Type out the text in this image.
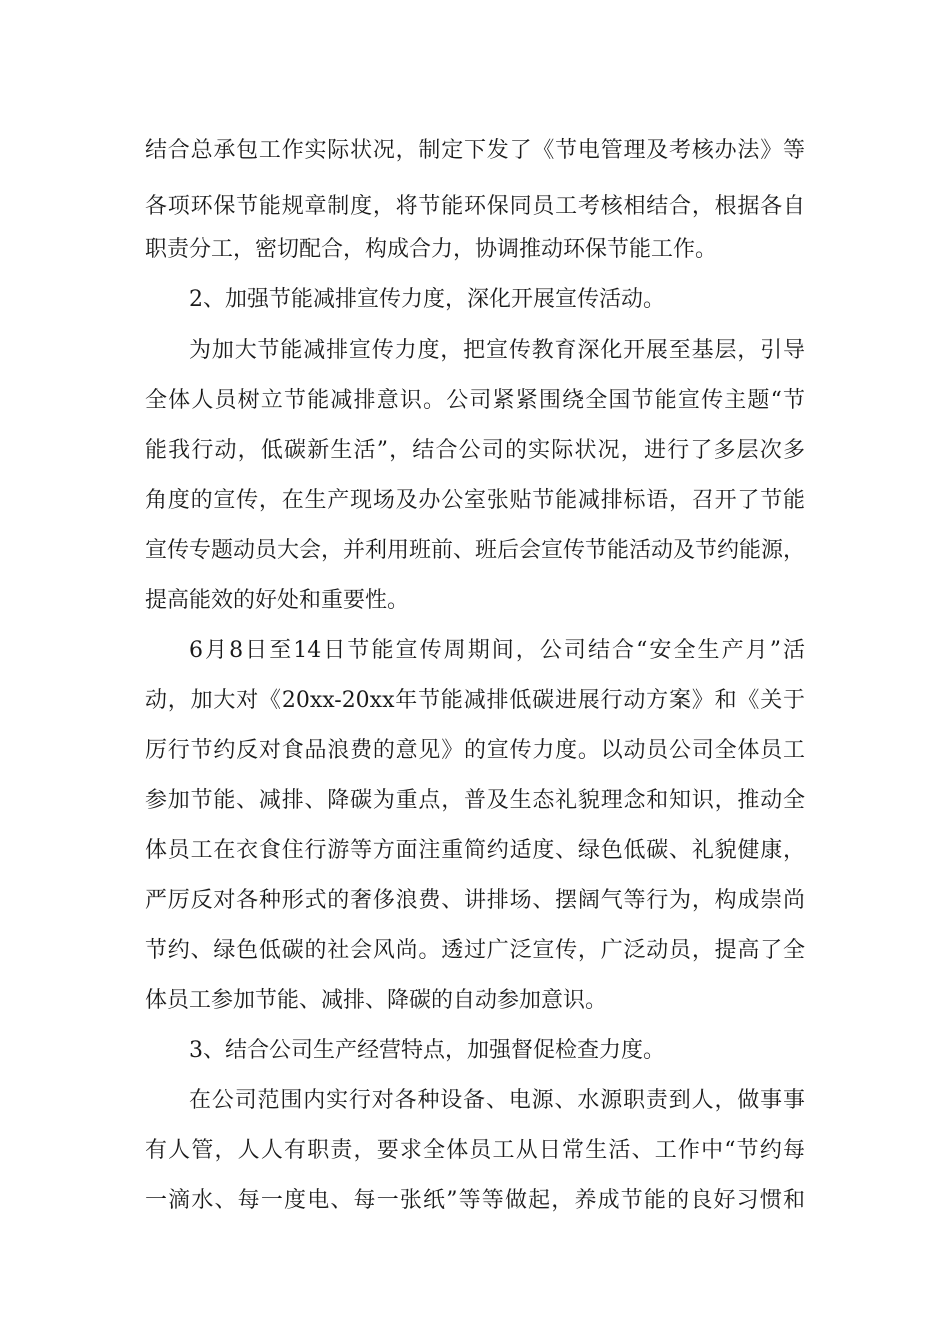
结合总承包工作实际状况，制定下发了《节电管理及考核办法》等
各项环保节能规章制度，将节能环保同员工考核相结合，根据各自
职责分工，密切配合，构成合力，协调推动环保节能工作。
2、加强节能减排宣传力度，深化开展宣传活动。
为加大节能减排宣传力度，把宣传教育深化开展至基层，引导
全体人员树立节能减排意识。公司紧紧围绕全国节能宣传主题“节
能我行动，低碳新生活”，结合公司的实际状况，进行了多层次多
角度的宣传，在生产现场及办公室张贴节能减排标语，召开了节能
宣传专题动员大会，并利用班前、班后会宣传节能活动及节约能源，
提高能效的好处和重要性。
6月8日至14日节能宣传周期间，公司结合“安全生产月”活
动，加大对《20xx-20xx年节能减排低碳进展行动方案》和《关于
厉行节约反对食品浪费的意见》的宣传力度。以动员公司全体员工
参加节能、减排、降碳为重点，普及生态礼貌理念和知识，推动全
体员工在衣食住行游等方面注重简约适度、绿色低碳、礼貌健康，
严厉反对各种形式的奢侈浪费、讲排场、摆阔气等行为，构成崇尚
节约、绿色低碳的社会风尚。透过广泛宣传，广泛动员，提高了全
体员工参加节能、减排、降碳的自动参加意识。
3、结合公司生产经营特点，加强督促检查力度。
在公司范围内实行对各种设备、电源、水源职责到人，做事事
有人管，人人有职责，要求全体员工从日常生活、工作中“节约每
一滴水、每一度电、每一张纸”等等做起，养成节能的良好习惯和
